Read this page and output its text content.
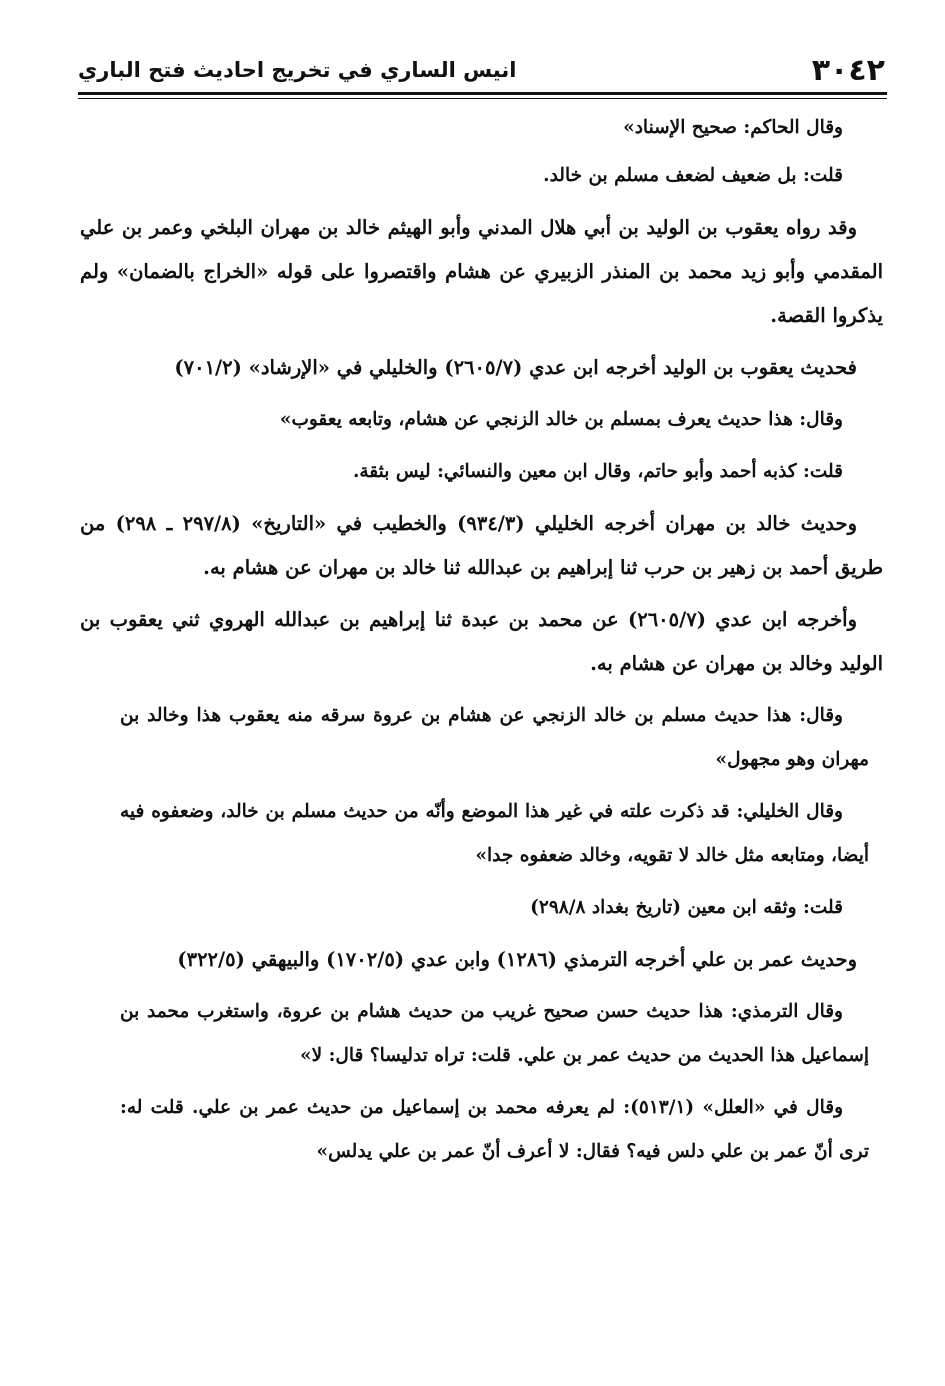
٣٠٤٢
انيس الساري في تخريج احاديث فتح الباري

وقال الحاكم: صحيح الإسناد»

قلت: بل ضعيف لضعف مسلم بن خالد.

وقد رواه يعقوب بن الوليد بن أبي هلال المدني وأبو الهيثم خالد بن مهران البلخي وعمر بن علي المقدمي وأبو زيد محمد بن المنذر الزبيري عن هشام واقتصروا على قوله «الخراج بالضمان» ولم يذكروا القصة.

فحديث يعقوب بن الوليد أخرجه ابن عدي (٢٦٠٥/٧) والخليلي في «الإرشاد» (٧٠١/٢)

وقال: هذا حديث يعرف بمسلم بن خالد الزنجي عن هشام، وتابعه يعقوب»

قلت: كذبه أحمد وأبو حاتم، وقال ابن معين والنسائي: ليس بثقة.

وحديث خالد بن مهران أخرجه الخليلي (٩٣٤/٣) والخطيب في «التاريخ» (٢٩٧/٨ ـ ٢٩٨) من طريق أحمد بن زهير بن حرب ثنا إبراهيم بن عبدالله ثنا خالد بن مهران عن هشام به.

وأخرجه ابن عدي (٢٦٠٥/٧) عن محمد بن عبدة ثنا إبراهيم بن عبدالله الهروي ثني يعقوب بن الوليد وخالد بن مهران عن هشام به.

وقال: هذا حديث مسلم بن خالد الزنجي عن هشام بن عروة سرقه منه يعقوب هذا وخالد بن مهران وهو مجهول»

وقال الخليلي: قد ذكرت علته في غير هذا الموضع وأنّه من حديث مسلم بن خالد، وضعفوه فيه أيضا، ومتابعه مثل خالد لا تقويه، وخالد ضعفوه جدا»

قلت: وثقه ابن معين (تاريخ بغداد ٢٩٨/٨)

وحديث عمر بن علي أخرجه الترمذي (١٢٨٦) وابن عدي (١٧٠٢/٥) والبيهقي (٣٢٢/٥)

وقال الترمذي: هذا حديث حسن صحيح غريب من حديث هشام بن عروة، واستغرب محمد بن إسماعيل هذا الحديث من حديث عمر بن علي. قلت: تراه تدليسا؟ قال: لا»

وقال في «العلل» (٥١٣/١): لم يعرفه محمد بن إسماعيل من حديث عمر بن علي. قلت له: ترى أنّ عمر بن علي دلس فيه؟ فقال: لا أعرف أنّ عمر بن علي يدلس»
